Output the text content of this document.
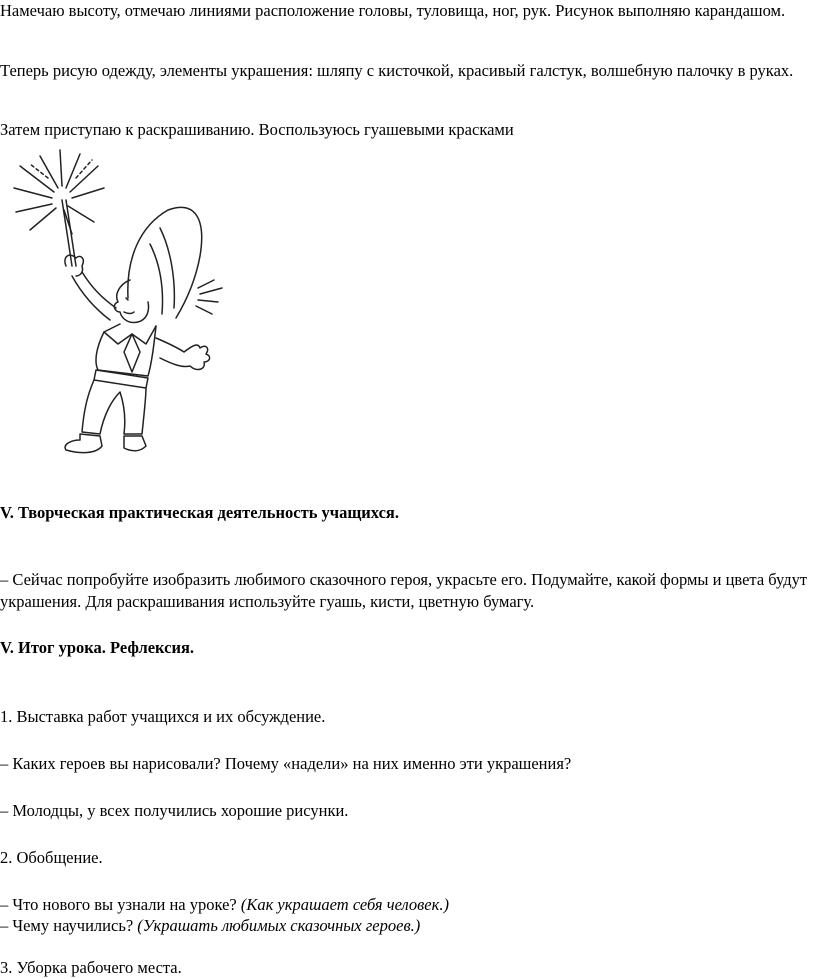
Намечаю высоту, отмечаю линиями расположение головы, туловища, ног, рук. Рисунок выполняю карандашом.

Теперь рисую одежду, элементы украшения: шляпу с кисточкой, красивый галстук, волшебную палочку в руках.

Затем приступаю к раскрашиванию. Воспользуюсь гуашевыми красками

V. Творческая практическая деятельность учащихся.

– Сейчас попробуйте изобразить любимого сказочного героя, украсьте его. Подумайте, какой формы и цвета будут украшения. Для раскрашивания используйте гуашь, кисти, цветную бумагу.

V. Итог урока. Рефлексия.

1. Выставка работ учащихся и их обсуждение.

– Каких героев вы нарисовали? Почему «надели» на них именно эти украшения?

– Молодцы, у всех получились хорошие рисунки.

2. Обобщение.

– Что нового вы узнали на уроке? (Как украшает себя человек.)

– Чему научились? (Украшать любимых сказочных героев.)

3. Уборка рабочего места.
